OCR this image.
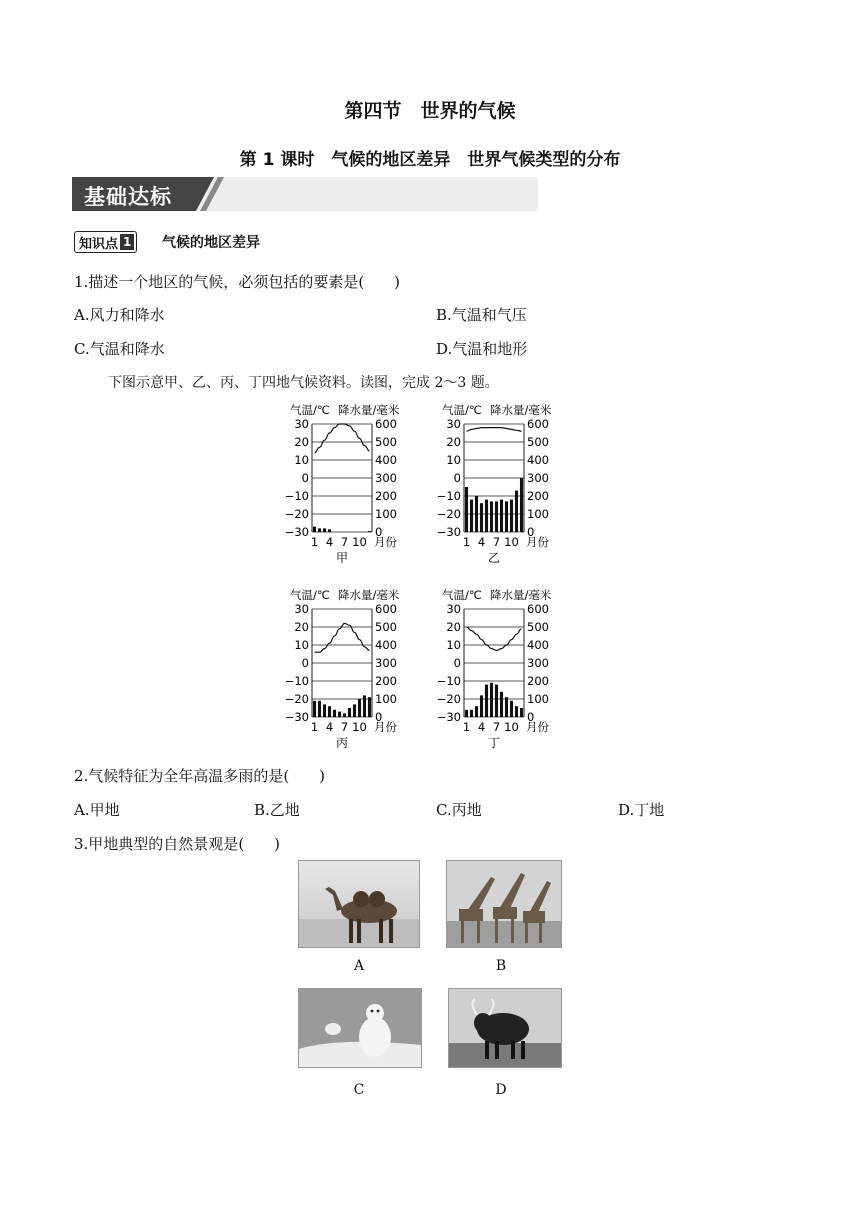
第四节　世界的气候
第 1 课时　气候的地区差异　世界气候类型的分布
基础达标
知识点 1 气候的地区差异
1.描述一个地区的气候，必须包括的要素是(　　)
A.风力和降水	B.气温和气压
C.气温和降水	D.气温和地形
下图示意甲、乙、丙、丁四地气候资料。读图，完成 2～3 题。
气温/℃ 降水量/毫米
30
20
10
0
−10
−20
−30
600
500
400
300
200
100
0
1 4 7 10 月份
甲
气温/℃ 降水量/毫米
30
20
10
0
−10
−20
−30
600
500
400
300
200
100
0
1 4 7 10 月份
乙
气温/℃ 降水量/毫米
30
20
10
0
−10
−20
−30
600
500
400
300
200
100
0
1 4 7 10 月份
丙
气温/℃ 降水量/毫米
30
20
10
0
−10
−20
−30
600
500
400
300
200
100
0
1 4 7 10 月份
丁
2.气候特征为全年高温多雨的是(　　)
A.甲地	B.乙地	C.丙地	D.丁地
3.甲地典型的自然景观是(　　)
A	B
C	D
